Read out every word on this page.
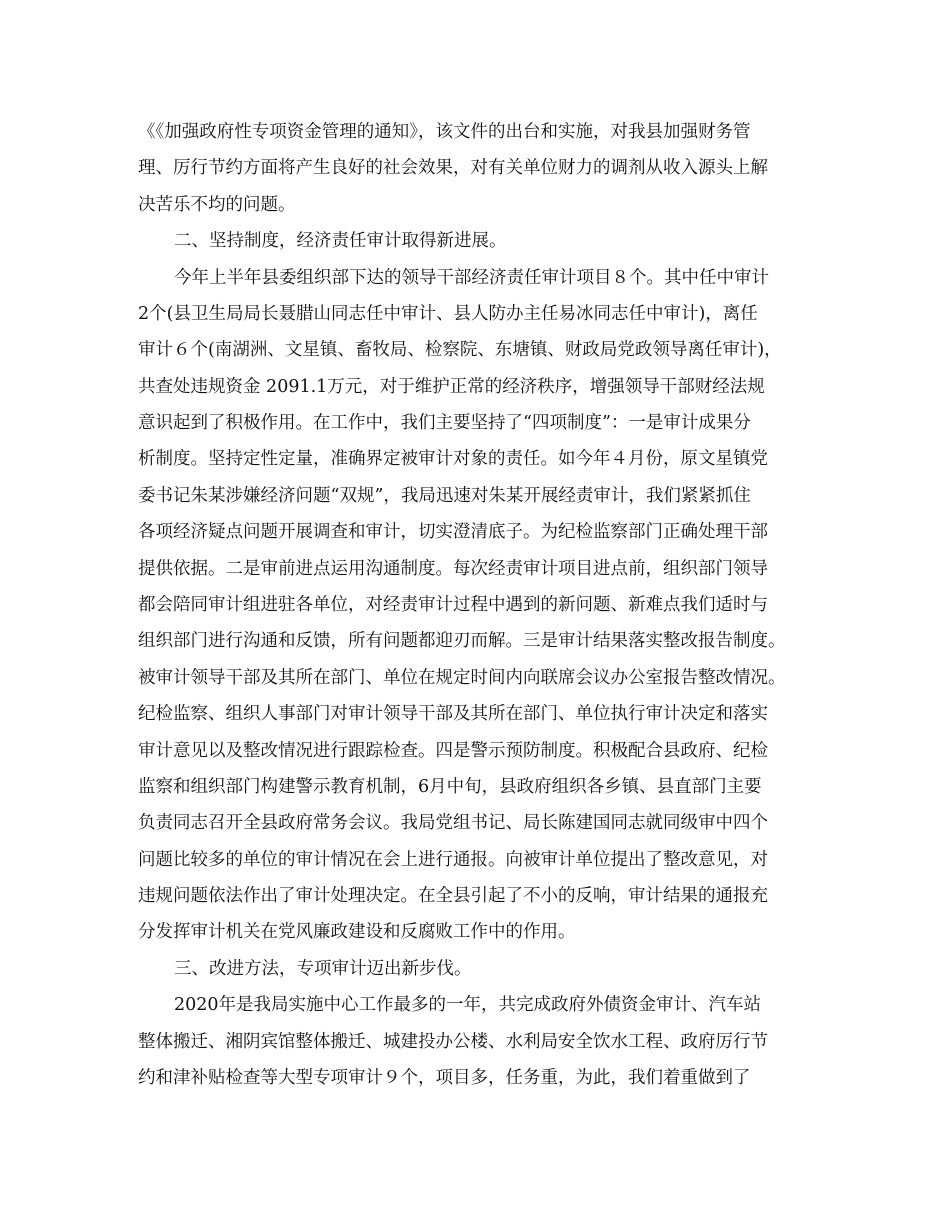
《《加强政府性专项资金管理的通知》，该文件的出台和实施，对我县加强财务管
理、厉行节约方面将产生良好的社会效果，对有关单位财力的调剂从收入源头上解
决苦乐不均的问题。
二、坚持制度，经济责任审计取得新进展。
今年上半年县委组织部下达的领导干部经济责任审计项目８个。其中任中审计
2个(县卫生局局长聂腊山同志任中审计、县人防办主任易冰同志任中审计)，离任
审计６个(南湖洲、文星镇、畜牧局、检察院、东塘镇、财政局党政领导离任审计)，
共查处违规资金 2091.1万元，对于维护正常的经济秩序，增强领导干部财经法规
意识起到了积极作用。在工作中，我们主要坚持了“四项制度”：一是审计成果分
析制度。坚持定性定量，准确界定被审计对象的责任。如今年４月份，原文星镇党
委书记朱某涉嫌经济问题“双规”，我局迅速对朱某开展经责审计，我们紧紧抓住
各项经济疑点问题开展调查和审计，切实澄清底子。为纪检监察部门正确处理干部
提供依据。二是审前进点运用沟通制度。每次经责审计项目进点前，组织部门领导
都会陪同审计组进驻各单位，对经责审计过程中遇到的新问题、新难点我们适时与
组织部门进行沟通和反馈，所有问题都迎刃而解。三是审计结果落实整改报告制度。
被审计领导干部及其所在部门、单位在规定时间内向联席会议办公室报告整改情况。
纪检监察、组织人事部门对审计领导干部及其所在部门、单位执行审计决定和落实
审计意见以及整改情况进行跟踪检查。四是警示预防制度。积极配合县政府、纪检
监察和组织部门构建警示教育机制，6月中旬，县政府组织各乡镇、县直部门主要
负责同志召开全县政府常务会议。我局党组书记、局长陈建国同志就同级审中四个
问题比较多的单位的审计情况在会上进行通报。向被审计单位提出了整改意见，对
违规问题依法作出了审计处理决定。在全县引起了不小的反响，审计结果的通报充
分发挥审计机关在党风廉政建设和反腐败工作中的作用。
三、改进方法，专项审计迈出新步伐。
2020年是我局实施中心工作最多的一年，共完成政府外债资金审计、汽车站
整体搬迁、湘阴宾馆整体搬迁、城建投办公楼、水利局安全饮水工程、政府厉行节
约和津补贴检查等大型专项审计９个，项目多，任务重，为此，我们着重做到了
